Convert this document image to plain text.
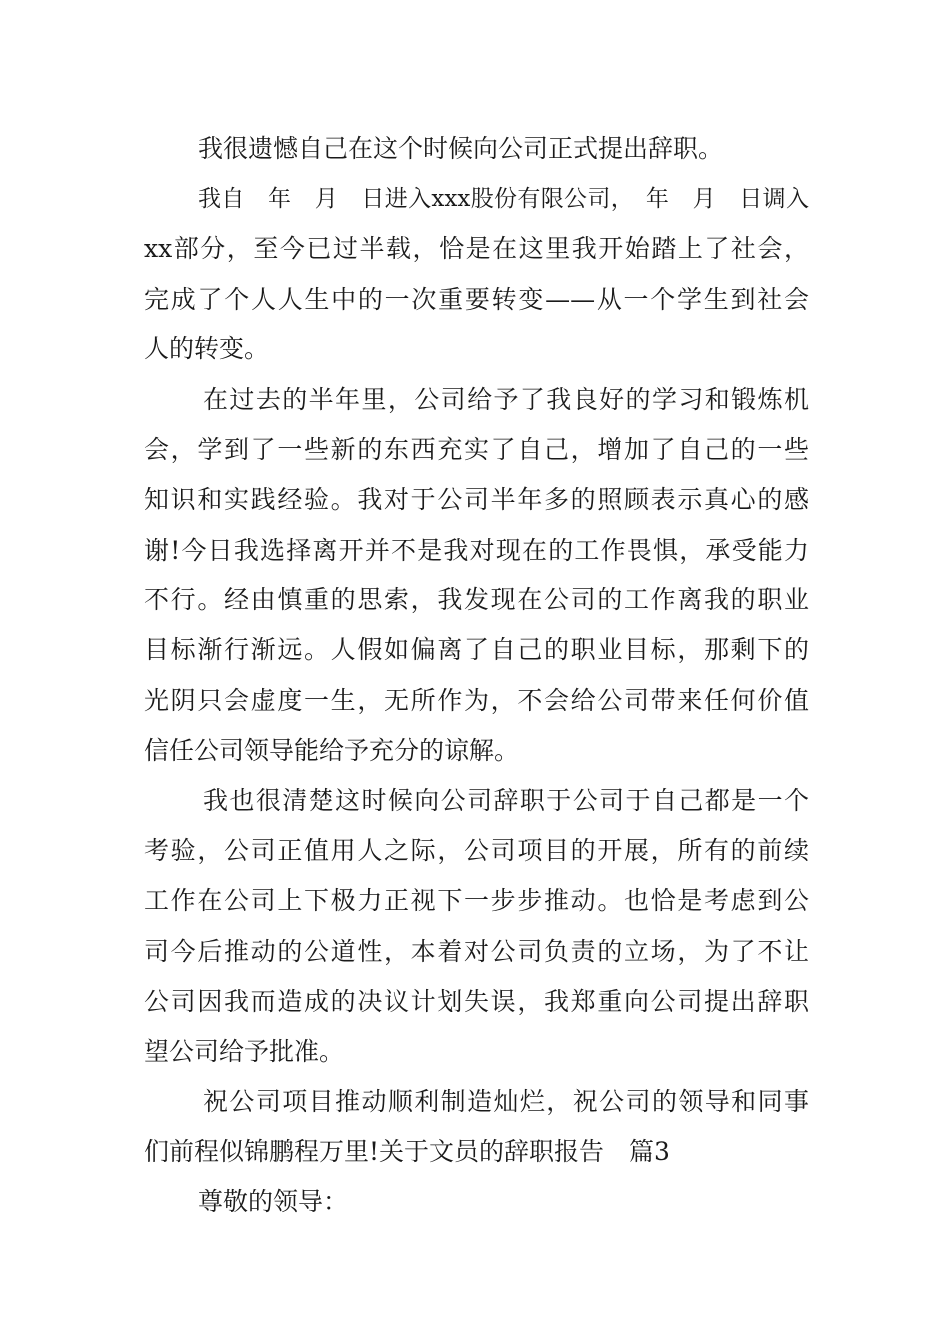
我很遗憾自己在这个时候向公司正式提出辞职。
我自　年　月　日进入xxx股份有限公司，　年　月　日调入
xx部分，至今已过半载，恰是在这里我开始踏上了社会，
完成了个人人生中的一次重要转变——从一个学生到社会
人的转变。
在过去的半年里，公司给予了我良好的学习和锻炼机
会，学到了一些新的东西充实了自己，增加了自己的一些
知识和实践经验。我对于公司半年多的照顾表示真心的感
谢!今日我选择离开并不是我对现在的工作畏惧，承受能力
不行。经由慎重的思索，我发现在公司的工作离我的职业
目标渐行渐远。人假如偏离了自己的职业目标，那剩下的
光阴只会虚度一生，无所作为，不会给公司带来任何价值
信任公司领导能给予充分的谅解。
我也很清楚这时候向公司辞职于公司于自己都是一个
考验，公司正值用人之际，公司项目的开展，所有的前续
工作在公司上下极力正视下一步步推动。也恰是考虑到公
司今后推动的公道性，本着对公司负责的立场，为了不让
公司因我而造成的决议计划失误，我郑重向公司提出辞职
望公司给予批准。
祝公司项目推动顺利制造灿烂，祝公司的领导和同事
们前程似锦鹏程万里!关于文员的辞职报告　篇3
尊敬的领导：
